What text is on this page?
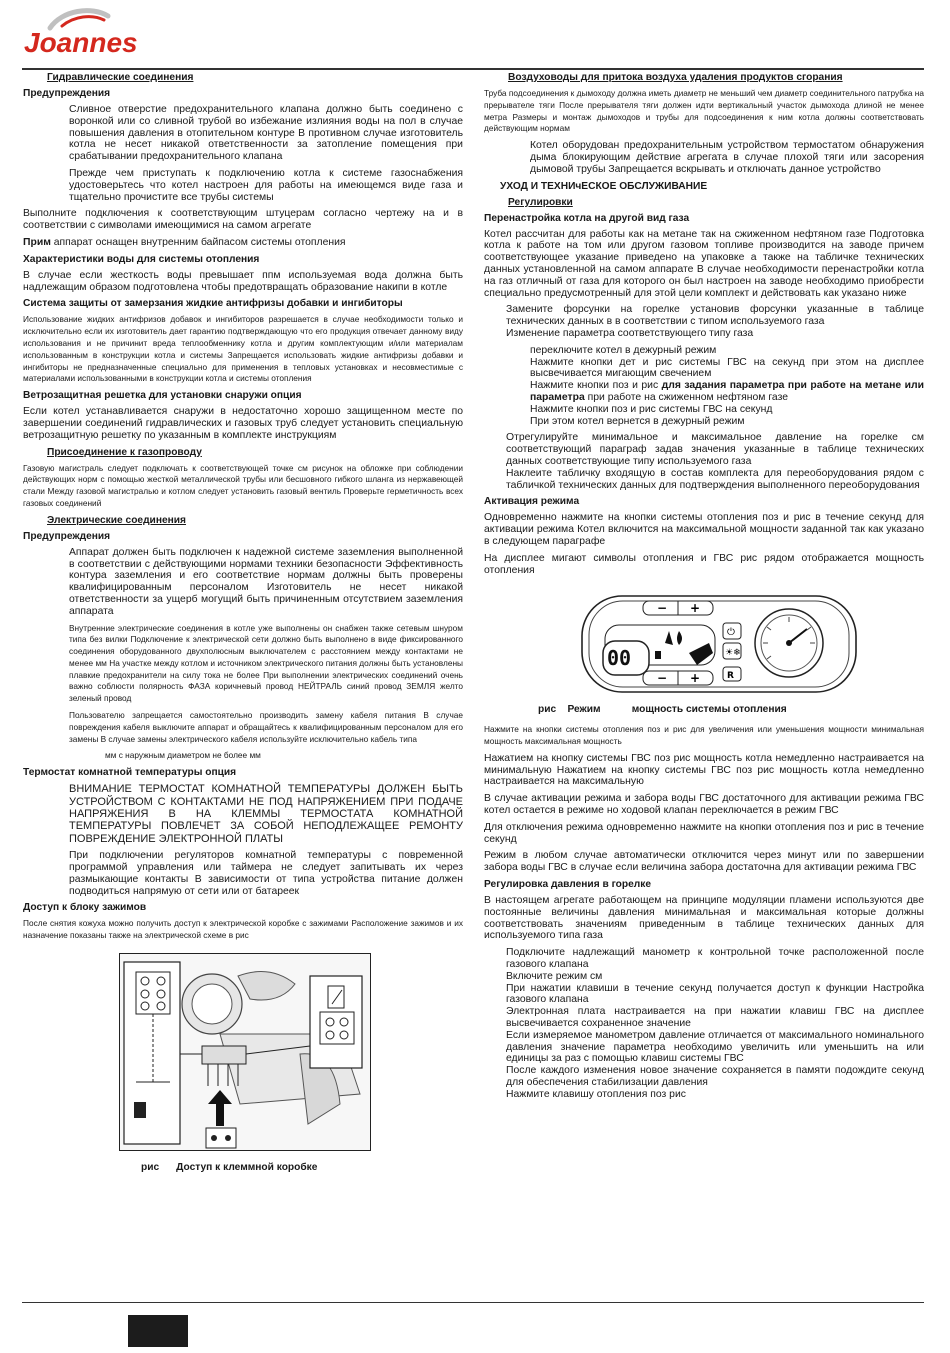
Joannes
Гидравлические соединения
Предупреждения

Сливное отверстие предохранительного клапана должно быть соединено с воронкой или со сливной трубой во избежание излияния воды на пол в случае повышения давления в отопительном контуре В противном случае изготовитель котла не несет никакой ответственности за затопление помещения при срабатывании предохранительного клапана

Прежде чем приступать к подключению котла к системе газоснабжения удостоверьтесь что котел настроен для работы на имеющемся виде газа и тщательно прочистите все трубы системы

Выполните подключения к соответствующим штуцерам согласно чертежу на и в соответствии с символами имеющимися на самом агрегате

Прим аппарат оснащен внутренним байпасом системы отопления

Характеристики воды для системы отопления

В случае если жесткость воды превышает ппм используемая вода должна быть надлежащим образом подготовлена чтобы предотвращать образование накипи в котле

Система защиты от замерзания жидкие антифризы добавки и ингибиторы

Использование жидких антифризов добавок и ингибиторов разрешается в случае необходимости только и исключительно если их изготовитель дает гарантию подтверждающую что его продукция отвечает данному виду использования и не причинит вреда теплообменнику котла и другим комплектующим и/или материалам использованным в конструкции котла и системы Запрещается использовать жидкие антифризы добавки и ингибиторы не предназначенные специально для применения в тепловых установках и несовместимые с материалами использованными в конструкции котла и системы отопления

Ветрозащитная решетка для установки снаружи опция

Если котел устанавливается снаружи в недостаточно хорошо защищенном месте по завершении соединений гидравлических и газовых труб следует установить специальную ветрозащитную решетку по указанным в комплекте инструкциям

Присоединение к газопроводу

Газовую магистраль следует подключать к соответствующей точке см рисунок на обложке при соблюдении действующих норм с помощью жесткой металлической трубы или бесшовного гибкого шланга из нержавеющей стали Между газовой магистралью и котлом следует установить газовый вентиль Проверьте герметичность всех газовых соединений

Электрические соединения
Предупреждения

Аппарат должен быть подключен к надежной системе заземления выполненной в соответствии с действующими нормами техники безопасности Эффективность контура заземления и его соответствие нормам должны быть проверены квалифицированным персоналом Изготовитель не несет никакой ответственности за ущерб могущий быть причиненным отсутствием заземления аппарата

Внутренние электрические соединения в котле уже выполнены он снабжен также сетевым шнуром типа без вилки Подключение к электрической сети должно быть выполнено в виде фиксированного соединения оборудованного двухполюсным выключателем с расстоянием между контактами не менее мм На участке между котлом и источником электрического питания должны быть установлены плавкие предохранители на силу тока не более При выполнении электрических соединений очень важно соблюсти полярность ФАЗА коричневый провод НЕЙТРАЛЬ синий провод ЗЕМЛЯ желто зеленый провод

Пользователю запрещается самостоятельно производить замену кабеля питания В случае повреждения кабеля выключите аппарат и обращайтесь к квалифицированным персоналом для его замены В случае замены электрического кабеля используйте исключительно кабель типа

мм с наружным диаметром не более мм

Термостат комнатной температуры опция

ВНИМАНИЕ ТЕРМОСТАТ КОМНАТНОЙ ТЕМПЕРАТУРЫ ДОЛЖЕН БЫТЬ УСТРОЙСТВОМ С КОНТАКТАМИ НЕ ПОД НАПРЯЖЕНИЕМ ПРИ ПОДАЧЕ НАПРЯЖЕНИЯ В НА КЛЕММЫ ТЕРМОСТАТА КОМНАТНОЙ ТЕМПЕРАТУРЫ ПОВЛЕЧЕТ ЗА СОБОЙ НЕПОДЛЕЖАЩЕЕ РЕМОНТУ ПОВРЕЖДЕНИЕ ЭЛЕКТРОННОЙ ПЛАТЫ

При подключении регуляторов комнатной температуры с повременной программой управления или таймера не следует запитывать их через размыкающие контакты В зависимости от типа устройства питание должен подводиться напрямую от сети или от батареек

Доступ к блоку зажимов

После снятия кожуха можно получить доступ к электрической коробке с зажимами Расположение зажимов и их назначение показаны также на электрической схеме в рис

рис Доступ к клеммной коробке
Воздуховоды для притока воздуха удаления продуктов сгорания

Труба подсоединения к дымоходу должна иметь диаметр не меньший чем диаметр соединительного патрубка на прерывателе тяги После прерывателя тяги должен идти вертикальный участок дымохода длиной не менее метра Размеры и монтаж дымоходов и трубы для подсоединения к ним котла должны соответствовать действующим нормам

Котел оборудован предохранительным устройством термостатом обнаружения дыма блокирующим действие агрегата в случае плохой тяги или засорения дымовой трубы Запрещается вскрывать и отключать данное устройство

УХОД И ТЕХНИчЕСКОЕ ОБСЛУЖИВАНИЕ
Регулировки
Перенастройка котла на другой вид газа

Котел рассчитан для работы как на метане так на сжиженном нефтяном газе Подготовка котла к работе на том или другом газовом топливе производится на заводе причем соответствующее указание приведено на упаковке а также на табличке технических данных установленной на самом аппарате В случае необходимости перенастройки котла на газ отличный от газа для которого он был настроен на заводе необходимо приобрести специально предусмотренный для этой цели комплект и действовать как указано ниже

Замените форсунки на горелке установив форсунки указанные в таблице технических данных в в соответствии с типом используемого газа

Изменение параметра соответствующего типу газа

переключите котел в дежурный режим

Нажмите кнопки дет и рис системы ГВС на секунд при этом на дисплее высвечивается мигающим свечением

Нажмите кнопки поз и рис для задания параметра при работе на метане или параметра при работе на сжиженном нефтяном газе

Нажмите кнопки поз и рис системы ГВС на секунд

При этом котел вернется в дежурный режим

Отрегулируйте минимальное и максимальное давление на горелке см соответствующий параграф задав значения указанные в таблице технических данных соответствующие типу используемого газа

Наклеите табличку входящую в состав комплекта для переоборудования рядом с табличкой технических данных для подтверждения выполненного переоборудования

Активация режима

Одновременно нажмите на кнопки системы отопления поз и рис в течение секунд для активации режима Котел включится на максимальной мощности заданной так как указано в следующем параграфе

На дисплее мигают символы отопления и ГВС рис рядом отображается мощность отопления

− +
− +
00
⏻
☀❄
R
рис Режим	мощность системы отопления

Нажмите на кнопки системы отопления поз и рис для увеличения или уменьшения мощности минимальная мощность максимальная мощность

Нажатием на кнопку системы ГВС поз рис мощность котла немедленно настраивается на минимальную Нажатием на кнопку системы ГВС поз рис мощность котла немедленно настраивается на максимальную

В случае активации режима и забора воды ГВС достаточного для активации режима ГВС котел остается в режиме но ходовой клапан переключается в режим ГВС

Для отключения режима одновременно нажмите на кнопки отопления поз и рис в течение секунд

Режим в любом случае автоматически отключится через минут или по завершении забора воды ГВС в случае если величина забора достаточна для активации режима ГВС

Регулировка давления в горелке

В настоящем агрегате работающем на принципе модуляции пламени используются две постоянные величины давления минимальная и максимальная которые должны соответствовать значениям приведенным в таблице технических данных для используемого типа газа

Подключите надлежащий манометр к контрольной точке расположенной после газового клапана

Включите режим см

При нажатии клавиши в течение секунд получается доступ к функции Настройка газового клапана

Электронная плата настраивается на при нажатии клавиш ГВС на дисплее высвечивается сохраненное значение

Если измеряемое манометром давление отличается от максимального номинального давления значение параметра необходимо увеличить или уменьшить на или единицы за раз с помощью клавиш системы ГВС

После каждого изменения новое значение сохраняется в памяти подождите секунд для обеспечения стабилизации давления

Нажмите клавишу отопления поз рис
